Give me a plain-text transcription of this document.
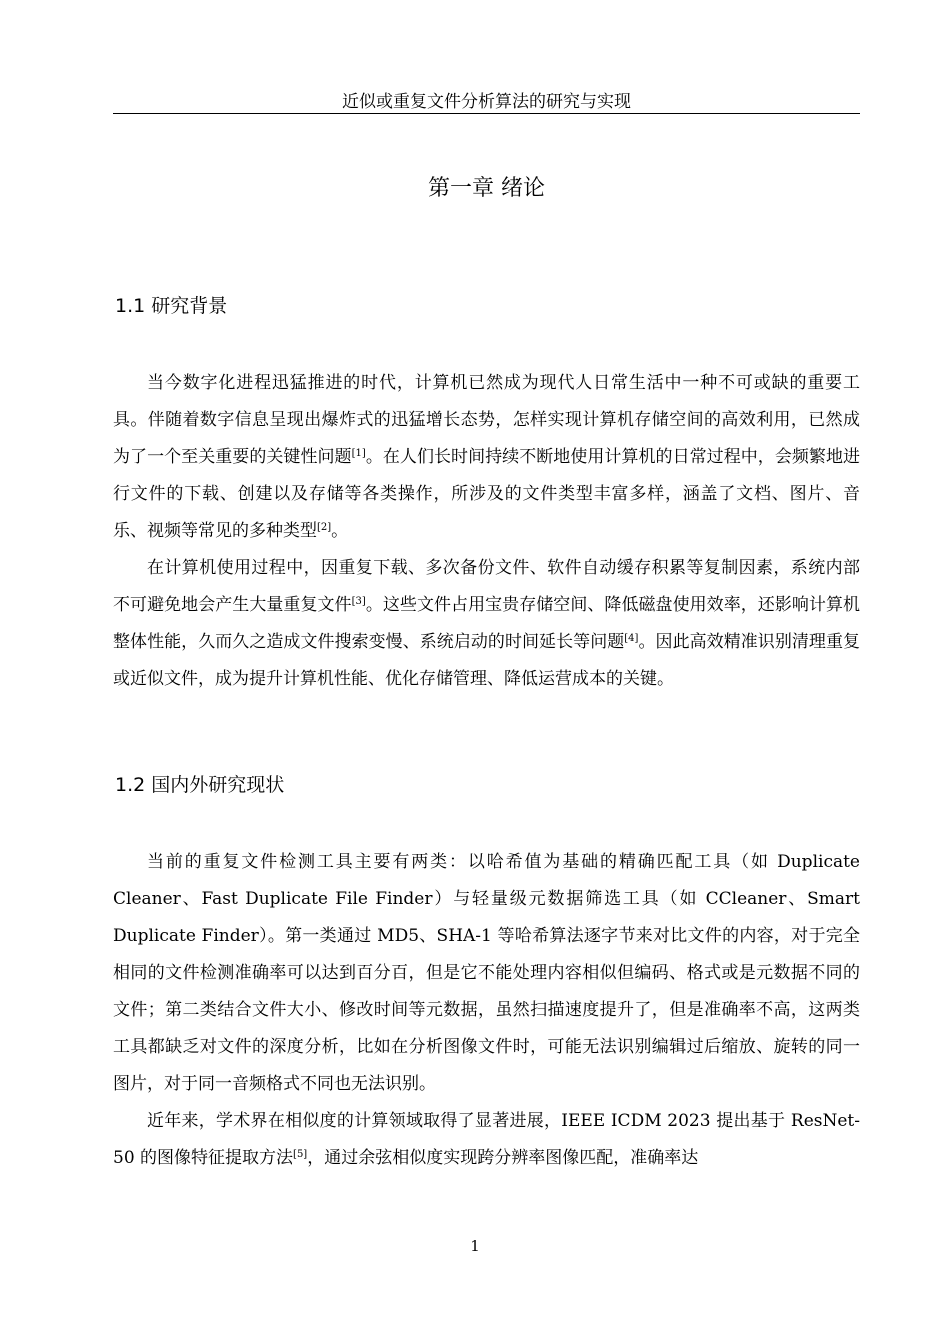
近似或重复文件分析算法的研究与实现
第一章 绪论
1.1 研究背景

当今数字化进程迅猛推进的时代，计算机已然成为现代人日常生活中一种不可或缺的重要工具。伴随着数字信息呈现出爆炸式的迅猛增长态势，怎样实现计算机存储空间的高效利用，已然成为了一个至关重要的关键性问题[1]。在人们长时间持续不断地使用计算机的日常过程中，会频繁地进行文件的下载、创建以及存储等各类操作，所涉及的文件类型丰富多样，涵盖了文档、图片、音乐、视频等常见的多种类型[2]。

在计算机使用过程中，因重复下载、多次备份文件、软件自动缓存积累等复制因素，系统内部不可避免地会产生大量重复文件[3]。这些文件占用宝贵存储空间、降低磁盘使用效率，还影响计算机整体性能，久而久之造成文件搜索变慢、系统启动的时间延长等问题[4]。因此高效精准识别清理重复或近似文件，成为提升计算机性能、优化存储管理、降低运营成本的关键。

1.2 国内外研究现状

当前的重复文件检测工具主要有两类：以哈希值为基础的精确匹配工具（如 Duplicate Cleaner、Fast Duplicate File Finder）与轻量级元数据筛选工具（如 CCleaner、Smart Duplicate Finder）。第一类通过 MD5、SHA-1 等哈希算法逐字节来对比文件的内容，对于完全相同的文件检测准确率可以达到百分百，但是它不能处理内容相似但编码、格式或是元数据不同的文件；第二类结合文件大小、修改时间等元数据，虽然扫描速度提升了，但是准确率不高，这两类工具都缺乏对文件的深度分析，比如在分析图像文件时，可能无法识别编辑过后缩放、旋转的同一图片，对于同一音频格式不同也无法识别。

近年来，学术界在相似度的计算领域取得了显著进展，IEEE ICDM 2023 提出基于 ResNet-50 的图像特征提取方法[5]，通过余弦相似度实现跨分辨率图像匹配，准确率达

1
